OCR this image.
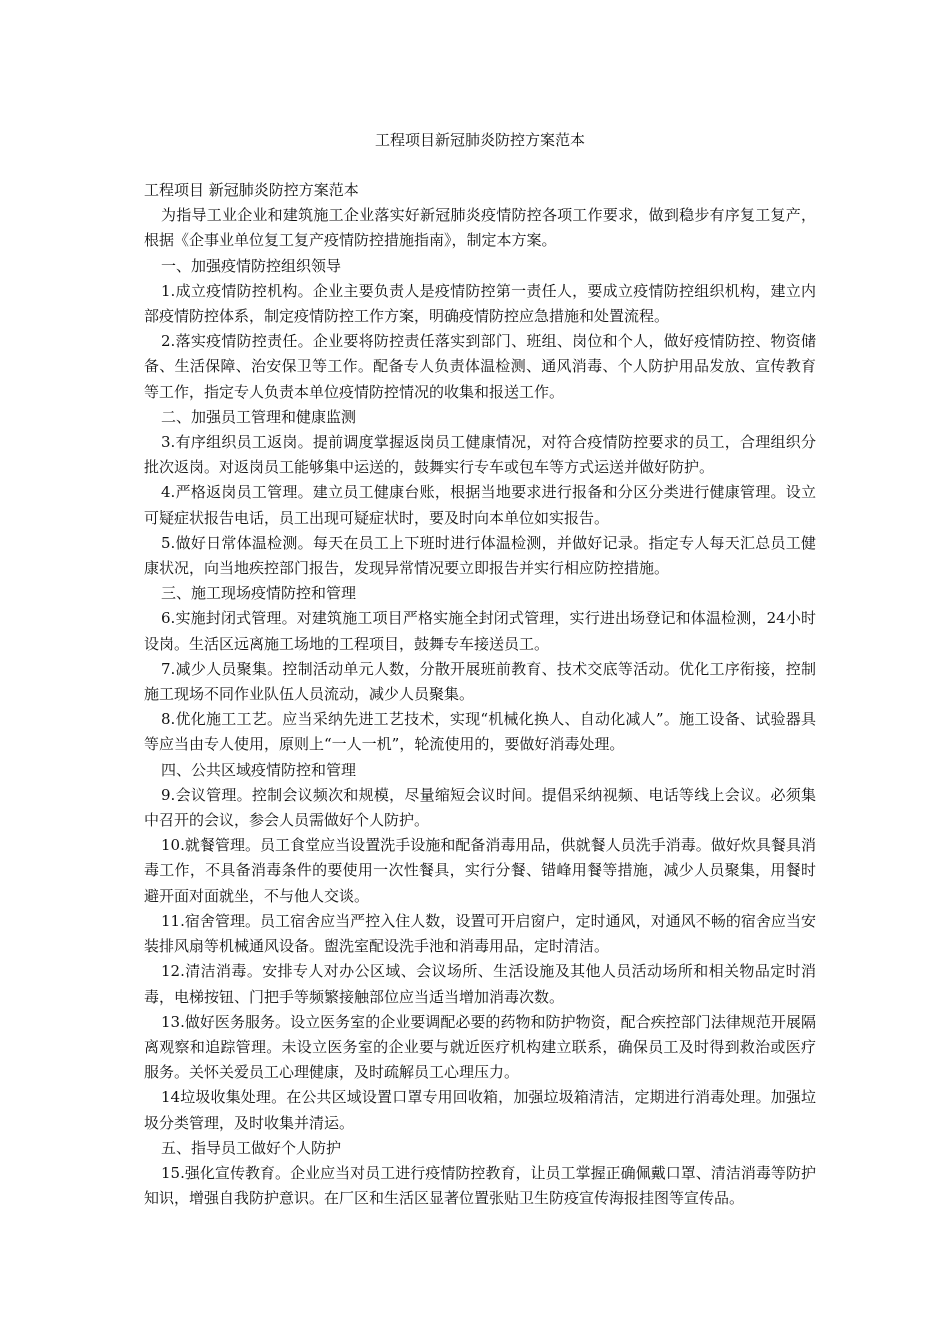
工程项目新冠肺炎防控方案范本

工程项目 新冠肺炎防控方案范本

为指导工业企业和建筑施工企业落实好新冠肺炎疫情防控各项工作要求，做到稳步有序复工复产，根据《企事业单位复工复产疫情防控措施指南》，制定本方案。

一、加强疫情防控组织领导

1.成立疫情防控机构。企业主要负责人是疫情防控第一责任人，要成立疫情防控组织机构，建立内部疫情防控体系，制定疫情防控工作方案，明确疫情防控应急措施和处置流程。

2.落实疫情防控责任。企业要将防控责任落实到部门、班组、岗位和个人，做好疫情防控、物资储备、生活保障、治安保卫等工作。配备专人负责体温检测、通风消毒、个人防护用品发放、宣传教育等工作，指定专人负责本单位疫情防控情况的收集和报送工作。

二、加强员工管理和健康监测

3.有序组织员工返岗。提前调度掌握返岗员工健康情况，对符合疫情防控要求的员工，合理组织分批次返岗。对返岗员工能够集中运送的，鼓舞实行专车或包车等方式运送并做好防护。

4.严格返岗员工管理。建立员工健康台账，根据当地要求进行报备和分区分类进行健康管理。设立可疑症状报告电话，员工出现可疑症状时，要及时向本单位如实报告。

5.做好日常体温检测。每天在员工上下班时进行体温检测，并做好记录。指定专人每天汇总员工健康状况，向当地疾控部门报告，发现异常情况要立即报告并实行相应防控措施。

三、施工现场疫情防控和管理

6.实施封闭式管理。对建筑施工项目严格实施全封闭式管理，实行进出场登记和体温检测，24小时设岗。生活区远离施工场地的工程项目，鼓舞专车接送员工。

7.减少人员聚集。控制活动单元人数，分散开展班前教育、技术交底等活动。优化工序衔接，控制施工现场不同作业队伍人员流动，减少人员聚集。

8.优化施工工艺。应当采纳先进工艺技术，实现“机械化换人、自动化减人”。施工设备、试验器具等应当由专人使用，原则上“一人一机”，轮流使用的，要做好消毒处理。

四、公共区域疫情防控和管理

9.会议管理。控制会议频次和规模，尽量缩短会议时间。提倡采纳视频、电话等线上会议。必须集中召开的会议，参会人员需做好个人防护。

10.就餐管理。员工食堂应当设置洗手设施和配备消毒用品，供就餐人员洗手消毒。做好炊具餐具消毒工作，不具备消毒条件的要使用一次性餐具，实行分餐、错峰用餐等措施，减少人员聚集，用餐时避开面对面就坐，不与他人交谈。

11.宿舍管理。员工宿舍应当严控入住人数，设置可开启窗户，定时通风，对通风不畅的宿舍应当安装排风扇等机械通风设备。盥洗室配设洗手池和消毒用品，定时清洁。

12.清洁消毒。安排专人对办公区域、会议场所、生活设施及其他人员活动场所和相关物品定时消毒，电梯按钮、门把手等频繁接触部位应当适当增加消毒次数。

13.做好医务服务。设立医务室的企业要调配必要的药物和防护物资，配合疾控部门法律规范开展隔离观察和追踪管理。未设立医务室的企业要与就近医疗机构建立联系，确保员工及时得到救治或医疗服务。关怀关爱员工心理健康，及时疏解员工心理压力。

14垃圾收集处理。在公共区域设置口罩专用回收箱，加强垃圾箱清洁，定期进行消毒处理。加强垃圾分类管理，及时收集并清运。

五、指导员工做好个人防护

15.强化宣传教育。企业应当对员工进行疫情防控教育，让员工掌握正确佩戴口罩、清洁消毒等防护知识，增强自我防护意识。在厂区和生活区显著位置张贴卫生防疫宣传海报挂图等宣传品。
